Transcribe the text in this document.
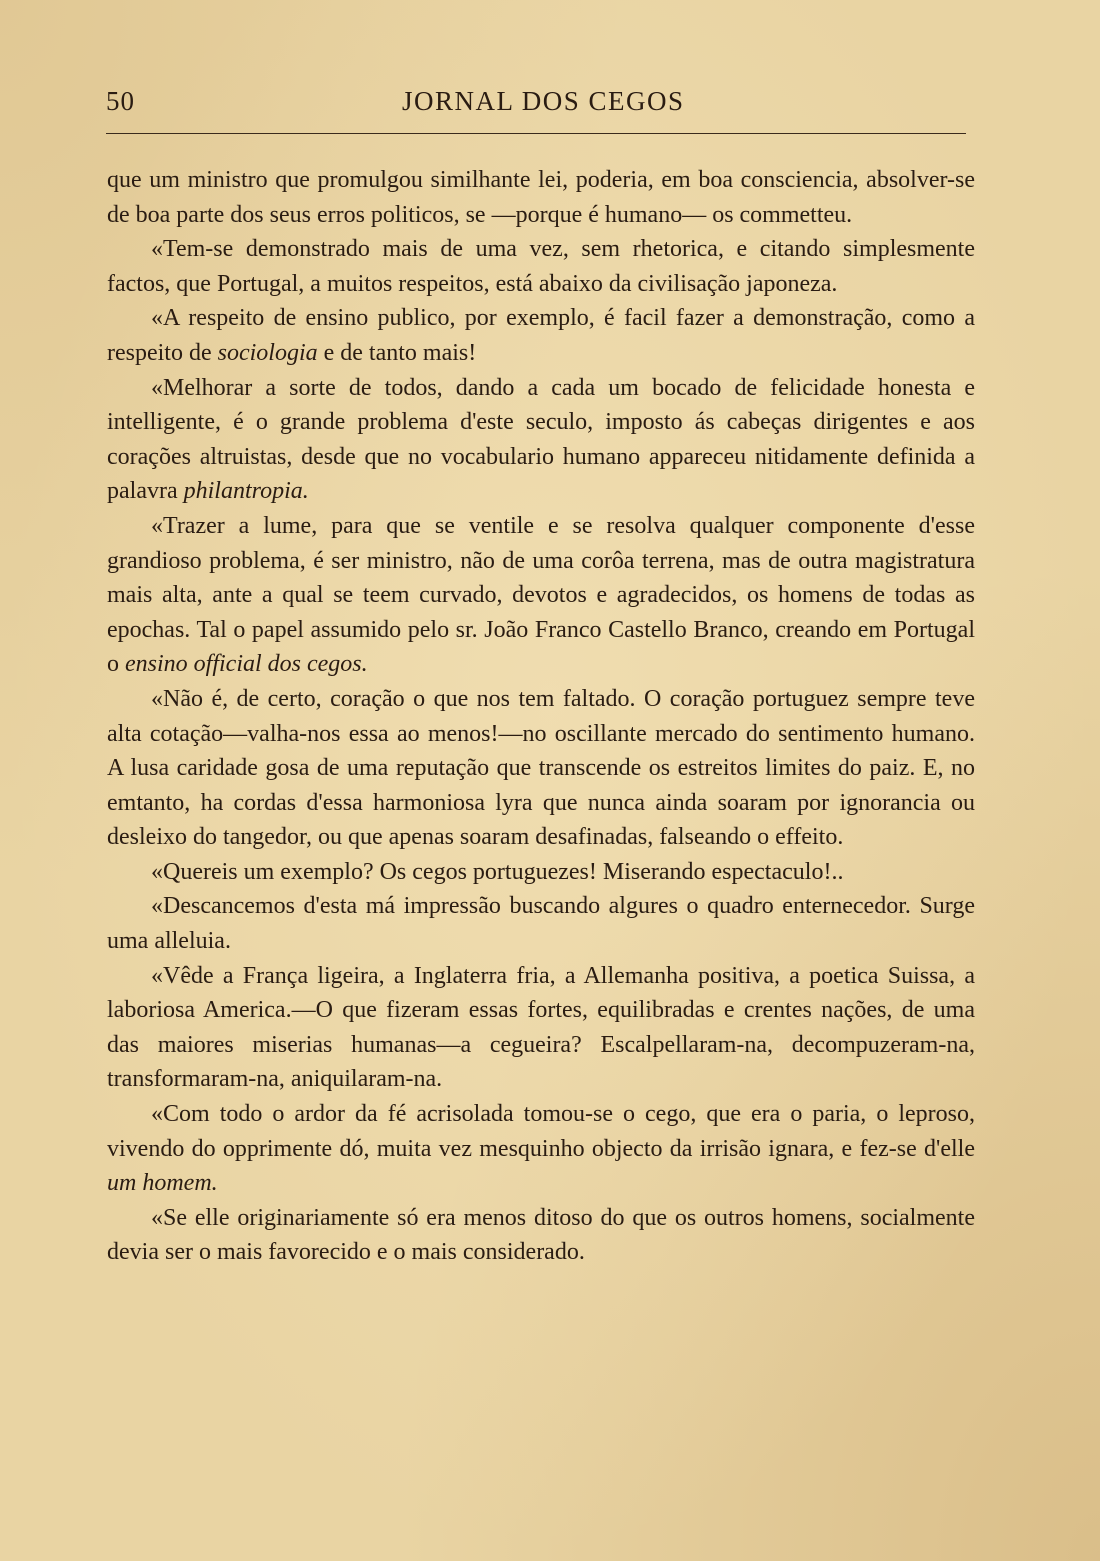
50	JORNAL DOS CEGOS

que um ministro que promulgou similhante lei, poderia, em boa consciencia, absolver-se de boa parte dos seus erros politicos, se —porque é humano— os commetteu.

«Tem-se demonstrado mais de uma vez, sem rhetorica, e citando simplesmente factos, que Portugal, a muitos respeitos, está abaixo da civilisação japoneza.

«A respeito de ensino publico, por exemplo, é facil fazer a demonstração, como a respeito de sociologia e de tanto mais!

«Melhorar a sorte de todos, dando a cada um bocado de felicidade honesta e intelligente, é o grande problema d'este seculo, imposto ás cabeças dirigentes e aos corações altruistas, desde que no vocabulario humano appareceu nitidamente definida a palavra philantropia.

«Trazer a lume, para que se ventile e se resolva qualquer componente d'esse grandioso problema, é ser ministro, não de uma corôa terrena, mas de outra magistratura mais alta, ante a qual se teem curvado, devotos e agradecidos, os homens de todas as epochas. Tal o papel assumido pelo sr. João Franco Castello Branco, creando em Portugal o ensino official dos cegos.

«Não é, de certo, coração o que nos tem faltado. O coração portuguez sempre teve alta cotação—valha-nos essa ao menos!—no oscillante mercado do sentimento humano. A lusa caridade gosa de uma reputação que transcende os estreitos limites do paiz. E, no emtanto, ha cordas d'essa harmoniosa lyra que nunca ainda soaram por ignorancia ou desleixo do tangedor, ou que apenas soaram desafinadas, falseando o effeito.

«Quereis um exemplo? Os cegos portuguezes! Miserando espectaculo!..

«Descancemos d'esta má impressão buscando algures o quadro enternecedor. Surge uma alleluia.

«Vêde a França ligeira, a Inglaterra fria, a Allemanha positiva, a poetica Suissa, a laboriosa America.—O que fizeram essas fortes, equilibradas e crentes nações, de uma das maiores miserias humanas—a cegueira? Escalpellaram-na, decompuzeram-na, transformaram-na, aniquilaram-na.

«Com todo o ardor da fé acrisolada tomou-se o cego, que era o paria, o leproso, vivendo do opprimente dó, muita vez mesquinho objecto da irrisão ignara, e fez-se d'elle um homem.

«Se elle originariamente só era menos ditoso do que os outros homens, socialmente devia ser o mais favorecido e o mais considerado.
